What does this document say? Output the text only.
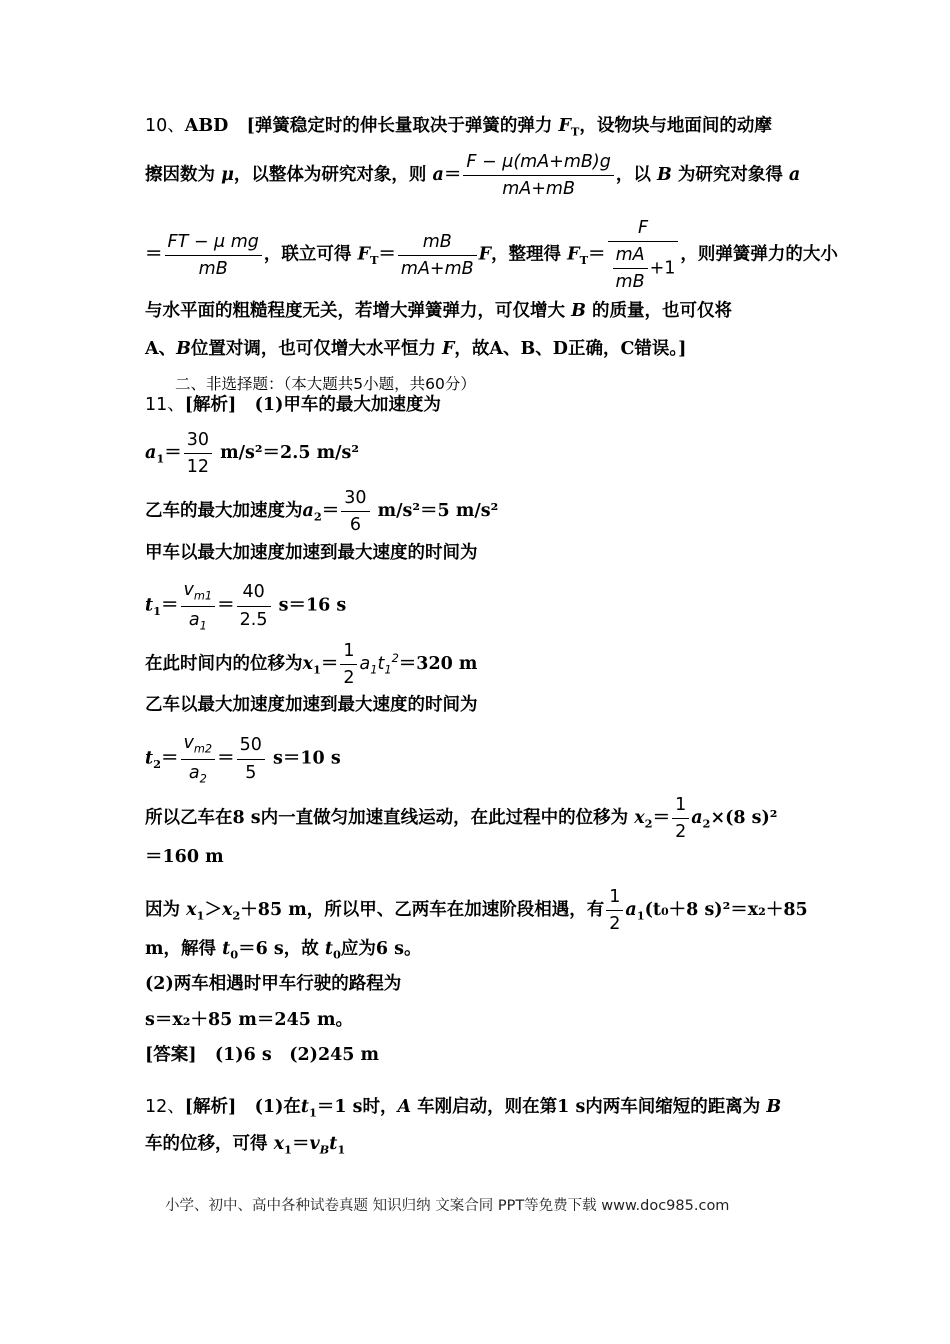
10、ABD [弹簧稳定时的伸长量取决于弹簧的弹力 $F_T$，设物块与地面间的动摩
擦因数为 μ，以整体为研究对象，则 $a= \frac{F - \mu(mA+mB)g}{mA+mB}$ ，以 B 为研究对象得 a
＝ $\frac{\text{FT − μ mg}}{mB}$ ，联立可得 $F_T= \frac{mB}{mA+mB}$ F，整理得 $F_T=$
F
$\frac{mA}{mB} +1$
，则弹簧弹力的大小
与水平面的粗糙程度无关，若增大弹簧弹力，可仅增大 B 的质量，也可仅将
A、B位置对调，也可仅增大水平恒力 F，故A、B、D正确，C错误。]
二、非选择题：（本大题共5小题，共60分）
11、[解析] (1)甲车的最大加速度为
$a_1= \frac{30}{12} m/s^2=2.5$ m/s²
乙车的最大加速度为$a_2= \frac{30}{6} m/s^2=5$ m/s²
甲车以最大加速度加速到最大速度的时间为
$t_1= \frac{v_{m1}}{a_1} = \frac{40}{2.5} s=16$ s
在此时间内的位移为$x_1= \frac{1}{2} a_1t_1^2=320$ m
乙车以最大加速度加速到最大速度的时间为
$t_2= \frac{v_{m2}}{a_2} = \frac{50}{5} s=10$ s
所以乙车在8 s内一直做匀加速直线运动，在此过程中的位移为 $x_2= \frac{1}{2} a_2\times(8$ s)²
＝160 m
因为 $x_1>x_2+85$ m，所以甲、乙两车在加速阶段相遇，有 $\frac{1}{2} a_1(t_0+8$ s)²＝x₂＋85
m，解得 $t_0=6$ s，故 $t_0$应为6 s。
(2)两车相遇时甲车行驶的路程为
s＝x₂＋85 m＝245 m。
[答案] (1)6 s　(2)245 m
12、[解析] (1)在$t_1=1$ s时，A 车刚启动，则在第1 s内两车间缩短的距离为 B
车的位移，可得 $x_1=v_Bt_1$
小学、初中、高中各种试卷真题 知识归纳 文案合同 PPT等免费下载 www.doc985.com
